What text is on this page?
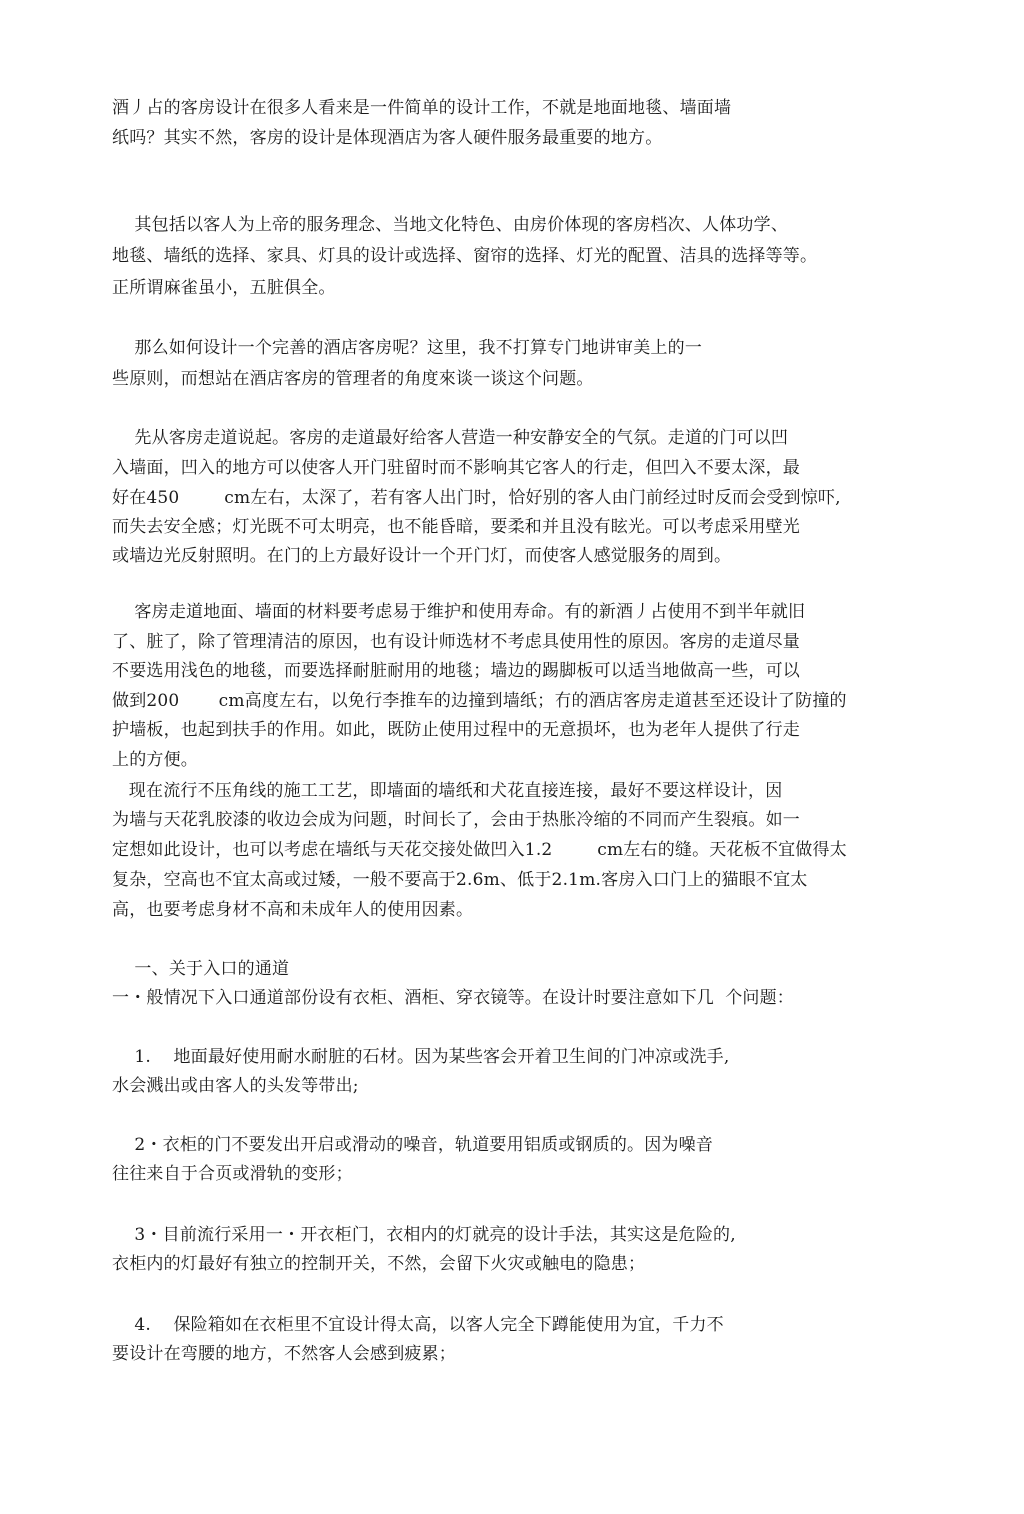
酒丿占的客房设计在很多人看来是一件简单的设计工作，不就是地面地毯、墙面墙
纸吗？其实不然，客房的设计是体现酒店为客人硬件服务最重要的地方。
其包括以客人为上帝的服务理念、当地文化特色、由房价体现的客房档次、人体功学、
地毯、墙纸的选择、家具、灯具的设计或选择、窗帘的选择、灯光的配置、洁具的选择等等。
正所谓麻雀虽小，五脏俱全。
那么如何设计一个完善的酒店客房呢？这里，我不打算专门地讲审美上的一
些原则，而想站在酒店客房的管理者的角度來谈一谈这个问题。
先从客房走道说起。客房的走道最好给客人营造一种安静安全的气氛。走道的门可以凹
入墙面，凹入的地方可以使客人开门驻留时而不影响其它客人的行走，但凹入不要太深，最
好在450        cm左右，太深了，若有客人出门时，恰好别的客人由门前经过时反而会受到惊吓,
而失去安全感；灯光既不可太明亮，也不能昏暗，要柔和并且没有眩光。可以考虑采用壁光
或墙边光反射照明。在门的上方最好设计一个开门灯，而使客人感觉服务的周到。
客房走道地面、墙面的材料要考虑易于维护和使用寿命。有的新酒丿占使用不到半年就旧
了、脏了，除了管理清洁的原因，也有设计师选材不考虑具使用性的原因。客房的走道尽量
不要选用浅色的地毯，而要选择耐脏耐用的地毯；墙边的踢脚板可以适当地做高一些，可以
做到200       cm高度左右，以免行李推车的边撞到墙纸；冇的酒店客房走道甚至还设计了防撞的
护墙板，也起到扶手的作用。如此，既防止使用过程中的无意损坏，也为老年人提供了行走
上的方便。
现在流行不压角线的施工工艺，即墙面的墙纸和犬花直接连接，最好不要这样设计，因
为墙与天花乳胶漆的收边会成为问题，时间长了，会由于热胀冷缩的不同而产生裂痕。如一
定想如此设计，也可以考虑在墙纸与天花交接处做凹入1.2        cm左右的缝。天花板不宜做得太
复杂，空高也不宜太高或过矮，一般不要高于2.6m、低于2.1m.客房入口门上的猫眼不宜太
高，也要考虑身材不高和未成年人的使用因素。
一、关于入口的通道
一・般情况下入口通道部份设有衣柜、酒柜、穿衣镜等。在设计时要注意如下几  个问题：
1.    地面最好使用耐水耐脏的石材。因为某些客会开着卫生间的门冲凉或洗手,
水会溅出或由客人的头发等带出;
2・衣柜的门不要发出开启或滑动的噪音，轨道要用铝质或钢质的。因为噪音
往往来自于合页或滑轨的变形；
3・目前流行采用一・开衣柜门，衣相内的灯就亮的设计手法，其实这是危险的,
衣柜内的灯最好有独立的控制开关，不然，会留下火灾或触电的隐患；
4.    保险箱如在衣柜里不宜设计得太高，以客人完全下蹲能使用为宜，千力不
要设计在弯腰的地方，不然客人会感到疲累；
